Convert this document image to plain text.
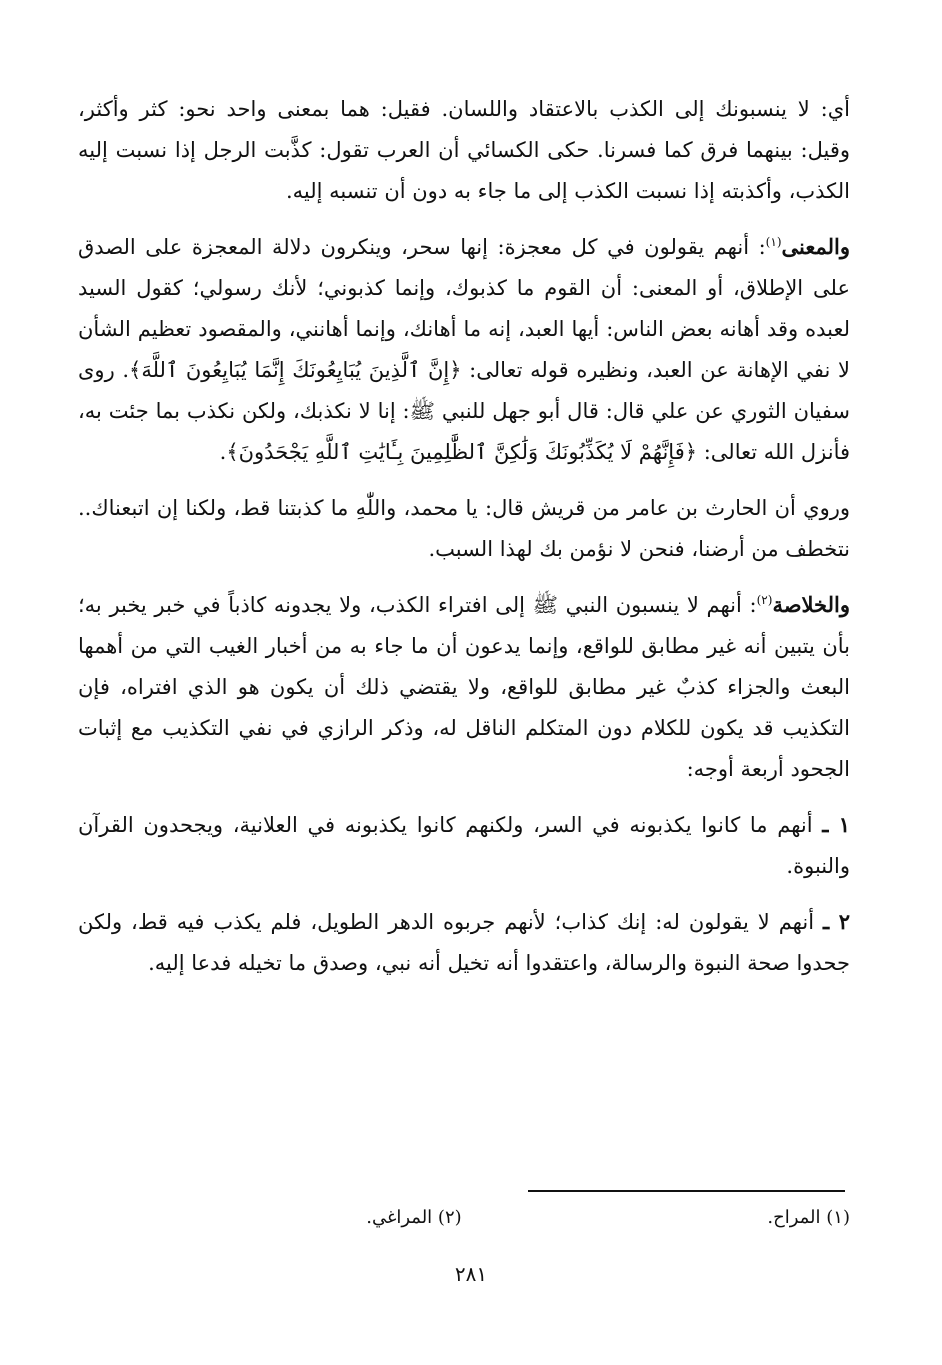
أي: لا ينسبونك إلى الكذب بالاعتقاد واللسان. فقيل: هما بمعنى واحد نحو: كثر وأكثر، وقيل: بينهما فرق كما فسرنا. حكى الكسائي أن العرب تقول: كذَّبت الرجل إذا نسبت إليه الكذب، وأكذبته إذا نسبت الكذب إلى ما جاء به دون أن تنسبه إليه.

والمعنى$^{(١)}$: أنهم يقولون في كل معجزة: إنها سحر، وينكرون دلالة المعجزة على الصدق على الإطلاق، أو المعنى: أن القوم ما كذبوك، وإنما كذبوني؛ لأنك رسولي؛ كقول السيد لعبده وقد أهانه بعض الناس: أيها العبد، إنه ما أهانك، وإنما أهانني، والمقصود تعظيم الشأن لا نفي الإهانة عن العبد، ونظيره قوله تعالى: ﴿إِنَّ ٱلَّذِينَ يُبَايِعُونَكَ إِنَّمَا يُبَايِعُونَ ٱللَّهَ﴾. روى سفيان الثوري عن علي قال: قال أبو جهل للنبي ﷺ: إنا لا نكذبك، ولكن نكذب بما جئت به، فأنزل الله تعالى: ﴿فَإِنَّهُمْ لَا يُكَذِّبُونَكَ وَلَٰكِنَّ ٱلظَّٰلِمِينَ بِـَٔايَٰتِ ٱللَّهِ يَجْحَدُونَ﴾.

وروي أن الحارث بن عامر من قريش قال: يا محمد، واللّٰهِ ما كذبتنا قط، ولكنا إن اتبعناك.. نتخطف من أرضنا، فنحن لا نؤمن بك لهذا السبب.

والخلاصة$^{(٢)}$: أنهم لا ينسبون النبي ﷺ إلى افتراء الكذب، ولا يجدونه كاذباً في خبر يخبر به؛ بأن يتبين أنه غير مطابق للواقع، وإنما يدعون أن ما جاء به من أخبار الغيب التي من أهمها البعث والجزاء كذبٌ غير مطابق للواقع، ولا يقتضي ذلك أن يكون هو الذي افتراه، فإن التكذيب قد يكون للكلام دون المتكلم الناقل له، وذكر الرازي في نفي التكذيب مع إثبات الجحود أربعة أوجه:

١ ـ أنهم ما كانوا يكذبونه في السر، ولكنهم كانوا يكذبونه في العلانية، ويجحدون القرآن والنبوة.

٢ ـ أنهم لا يقولون له: إنك كذاب؛ لأنهم جربوه الدهر الطويل، فلم يكذب فيه قط، ولكن جحدوا صحة النبوة والرسالة، واعتقدوا أنه تخيل أنه نبي، وصدق ما تخيله فدعا إليه.

(١) المراح. (٢) المراغي.
٢٨١
